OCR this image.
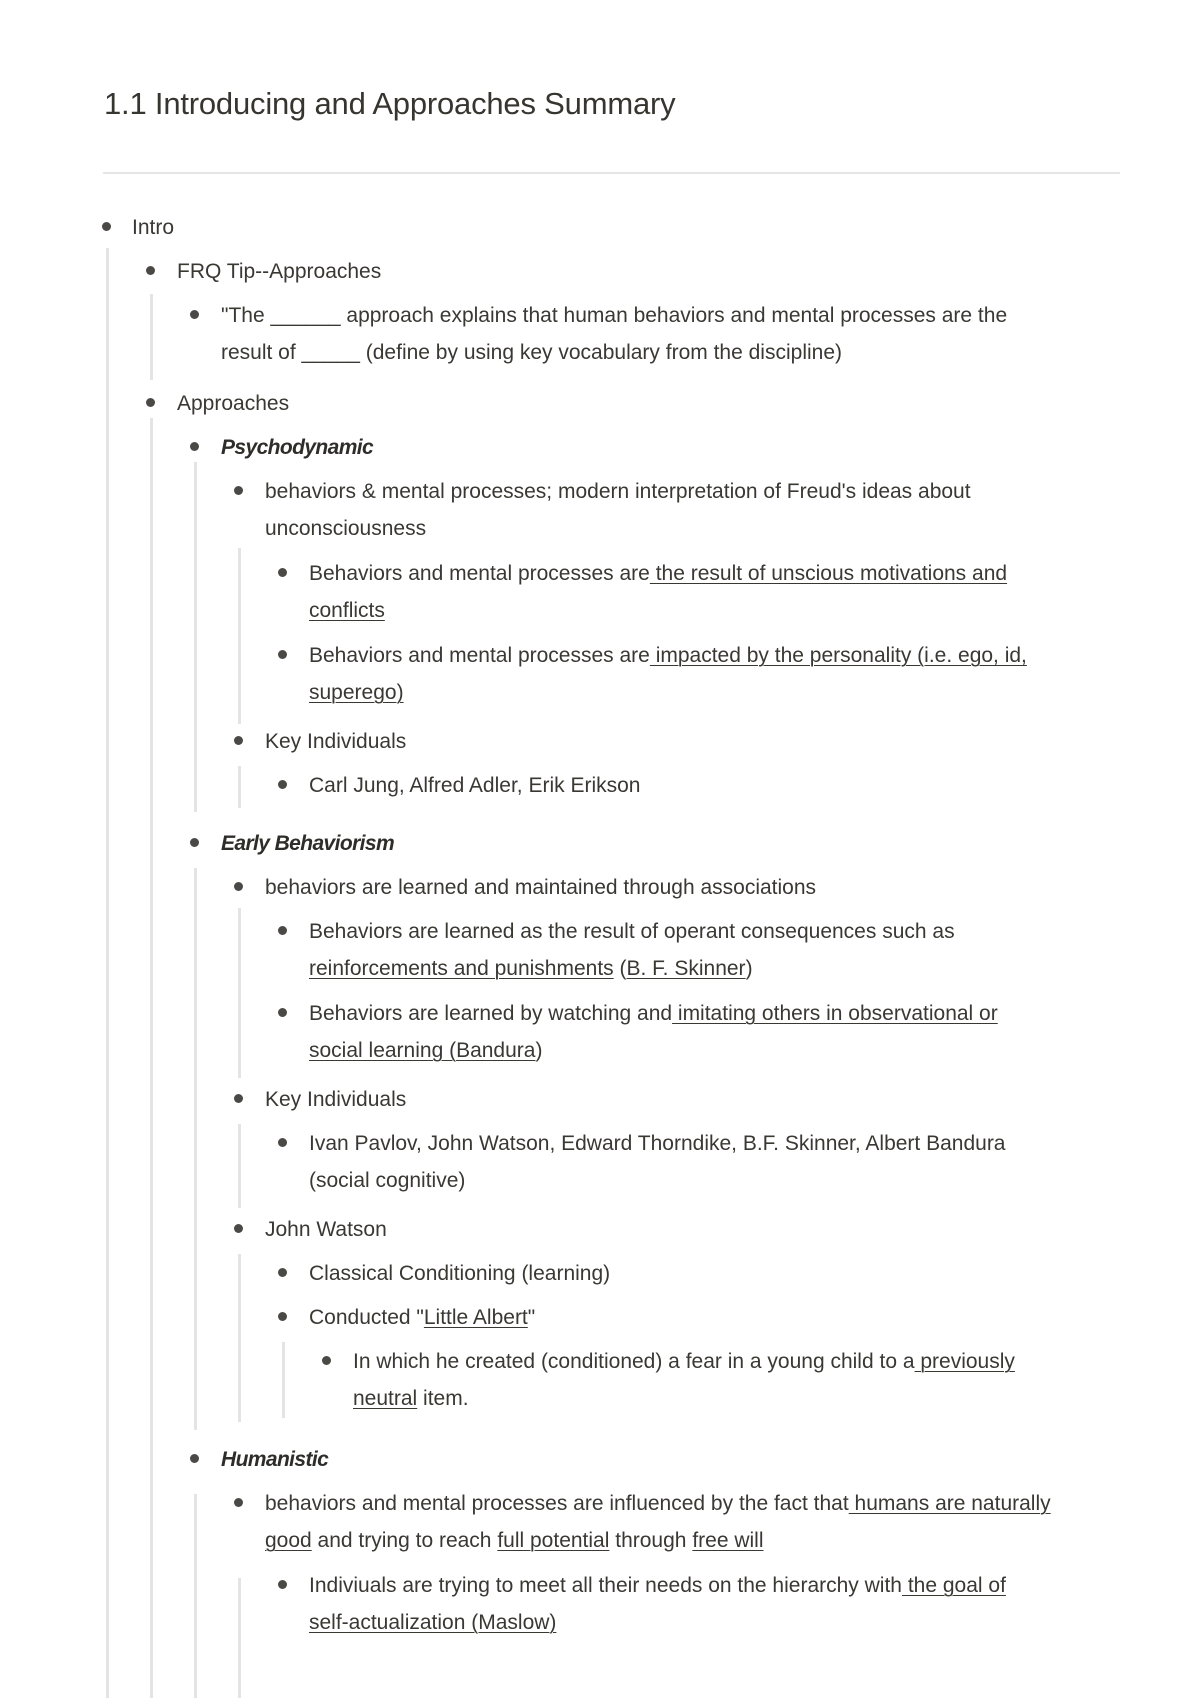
1.1 Introducing and Approaches Summary
Intro
FRQ Tip--Approaches
"The ______ approach explains that human behaviors and mental processes are the
result of _____ (define by using key vocabulary from the discipline)
Approaches
Psychodynamic
behaviors & mental processes; modern interpretation of Freud's ideas about
unconsciousness
Behaviors and mental processes are the result of unscious motivations and
conflicts
Behaviors and mental processes are impacted by the personality (i.e. ego, id,
superego)
Key Individuals
Carl Jung, Alfred Adler, Erik Erikson
Early Behaviorism
behaviors are learned and maintained through associations
Behaviors are learned as the result of operant consequences such as
reinforcements and punishments (B. F. Skinner)
Behaviors are learned by watching and imitating others in observational or
social learning (Bandura)
Key Individuals
Ivan Pavlov, John Watson, Edward Thorndike, B.F. Skinner, Albert Bandura
(social cognitive)
John Watson
Classical Conditioning (learning)
Conducted "Little Albert"
In which he created (conditioned) a fear in a young child to a previously
neutral item.
Humanistic
behaviors and mental processes are influenced by the fact that humans are naturally
good and trying to reach full potential through free will
Indiviuals are trying to meet all their needs on the hierarchy with the goal of
self-actualization (Maslow)
